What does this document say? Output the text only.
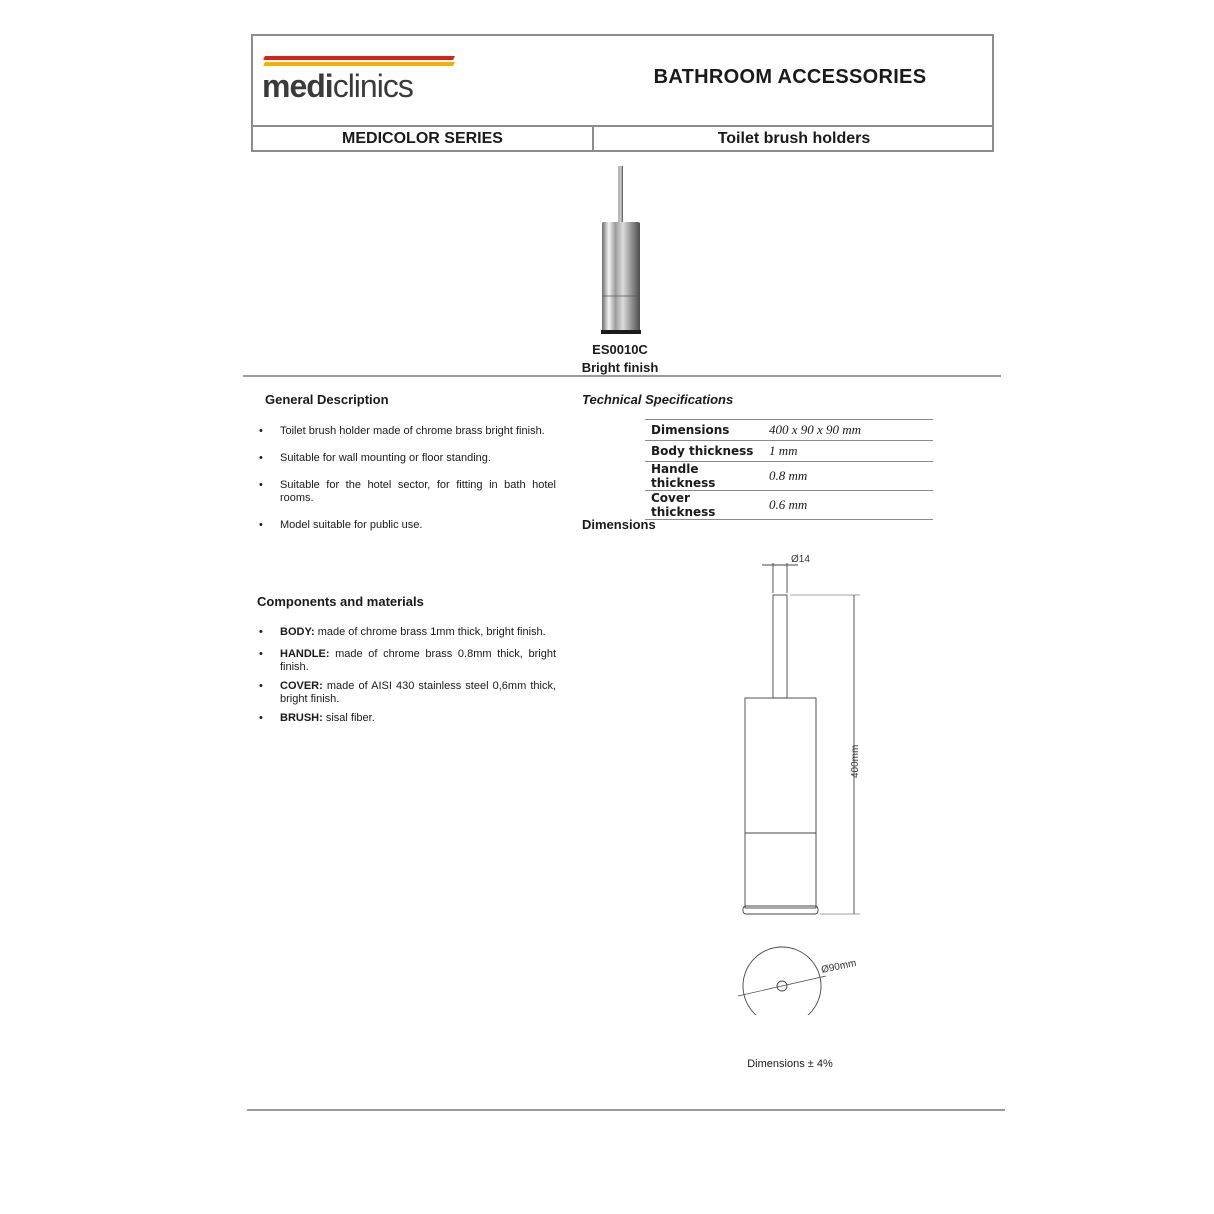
mediclinics	BATHROOM ACCESSORIES
MEDICOLOR SERIES	Toilet brush holders
ES0010C
Bright finish
General Description
• Toilet brush holder made of chrome brass bright finish.
• Suitable for wall mounting or floor standing.
• Suitable for the hotel sector, for fitting in bath hotel rooms.
• Model suitable for public use.
Components and materials
• BODY: made of chrome brass 1mm thick, bright finish.
• HANDLE: made of chrome brass 0.8mm thick, bright finish.
• COVER: made of AISI 430 stainless steel 0,6mm thick, bright finish.
• BRUSH: sisal fiber.
Technical Specifications
Dimensions	400 x 90 x 90 mm
Body thickness	1 mm
Handle thickness	0.8 mm
Cover thickness	0.6 mm
Dimensions
Ø14
400mm
Ø90mm
Dimensions ± 4%
